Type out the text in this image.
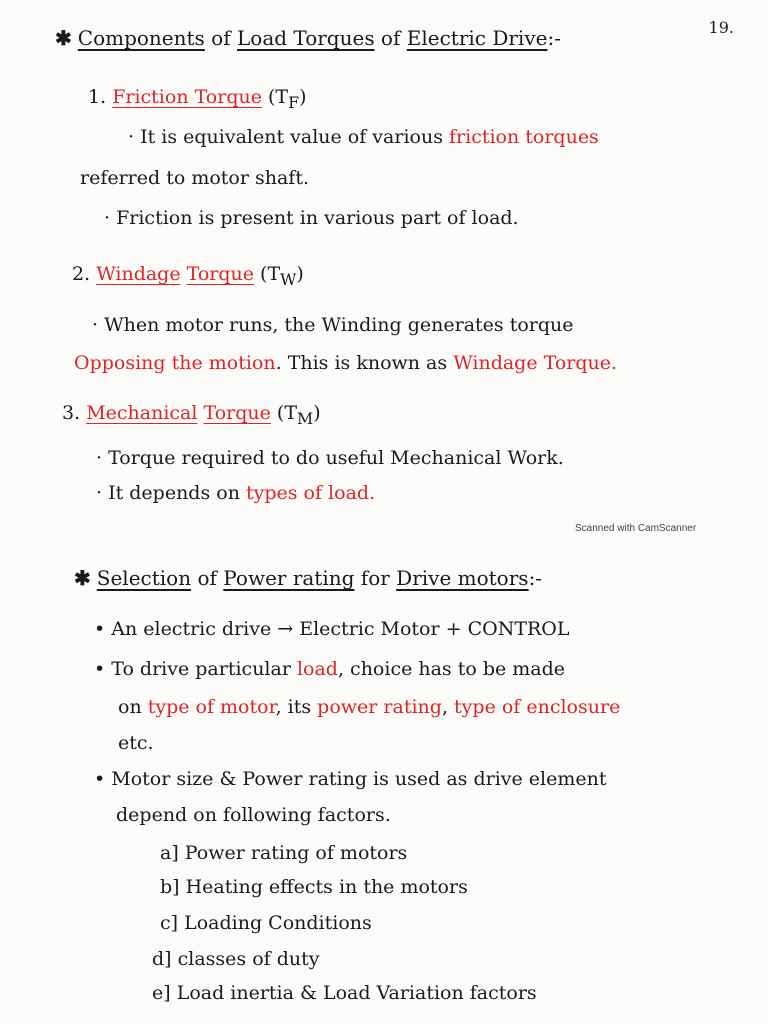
19.
✱ Components of Load Torques of Electric Drive:-
1. Friction Torque $(T_F)$
· It is equivalent value of various friction torques
referred to motor shaft.
· Friction is present in various part of load.
2. Windage Torque $(T_W)$
· When motor runs, the Winding generates torque
Opposing the motion. This is known as Windage Torque.
3. Mechanical Torque $(T_M)$
· Torque required to do useful Mechanical Work.
· It depends on types of load.
Scanned with CamScanner
✱ Selection of Power rating for Drive motors:-
• An electric drive → Electric Motor + CONTROL
• To drive particular load, choice has to be made
on type of motor, its power rating, type of enclosure
etc.
• Motor size & Power rating is used as drive element
depend on following factors.
a] Power rating of motors
b] Heating effects in the motors
c] Loading Conditions
d] classes of duty
e] Load inertia & Load Variation factors
